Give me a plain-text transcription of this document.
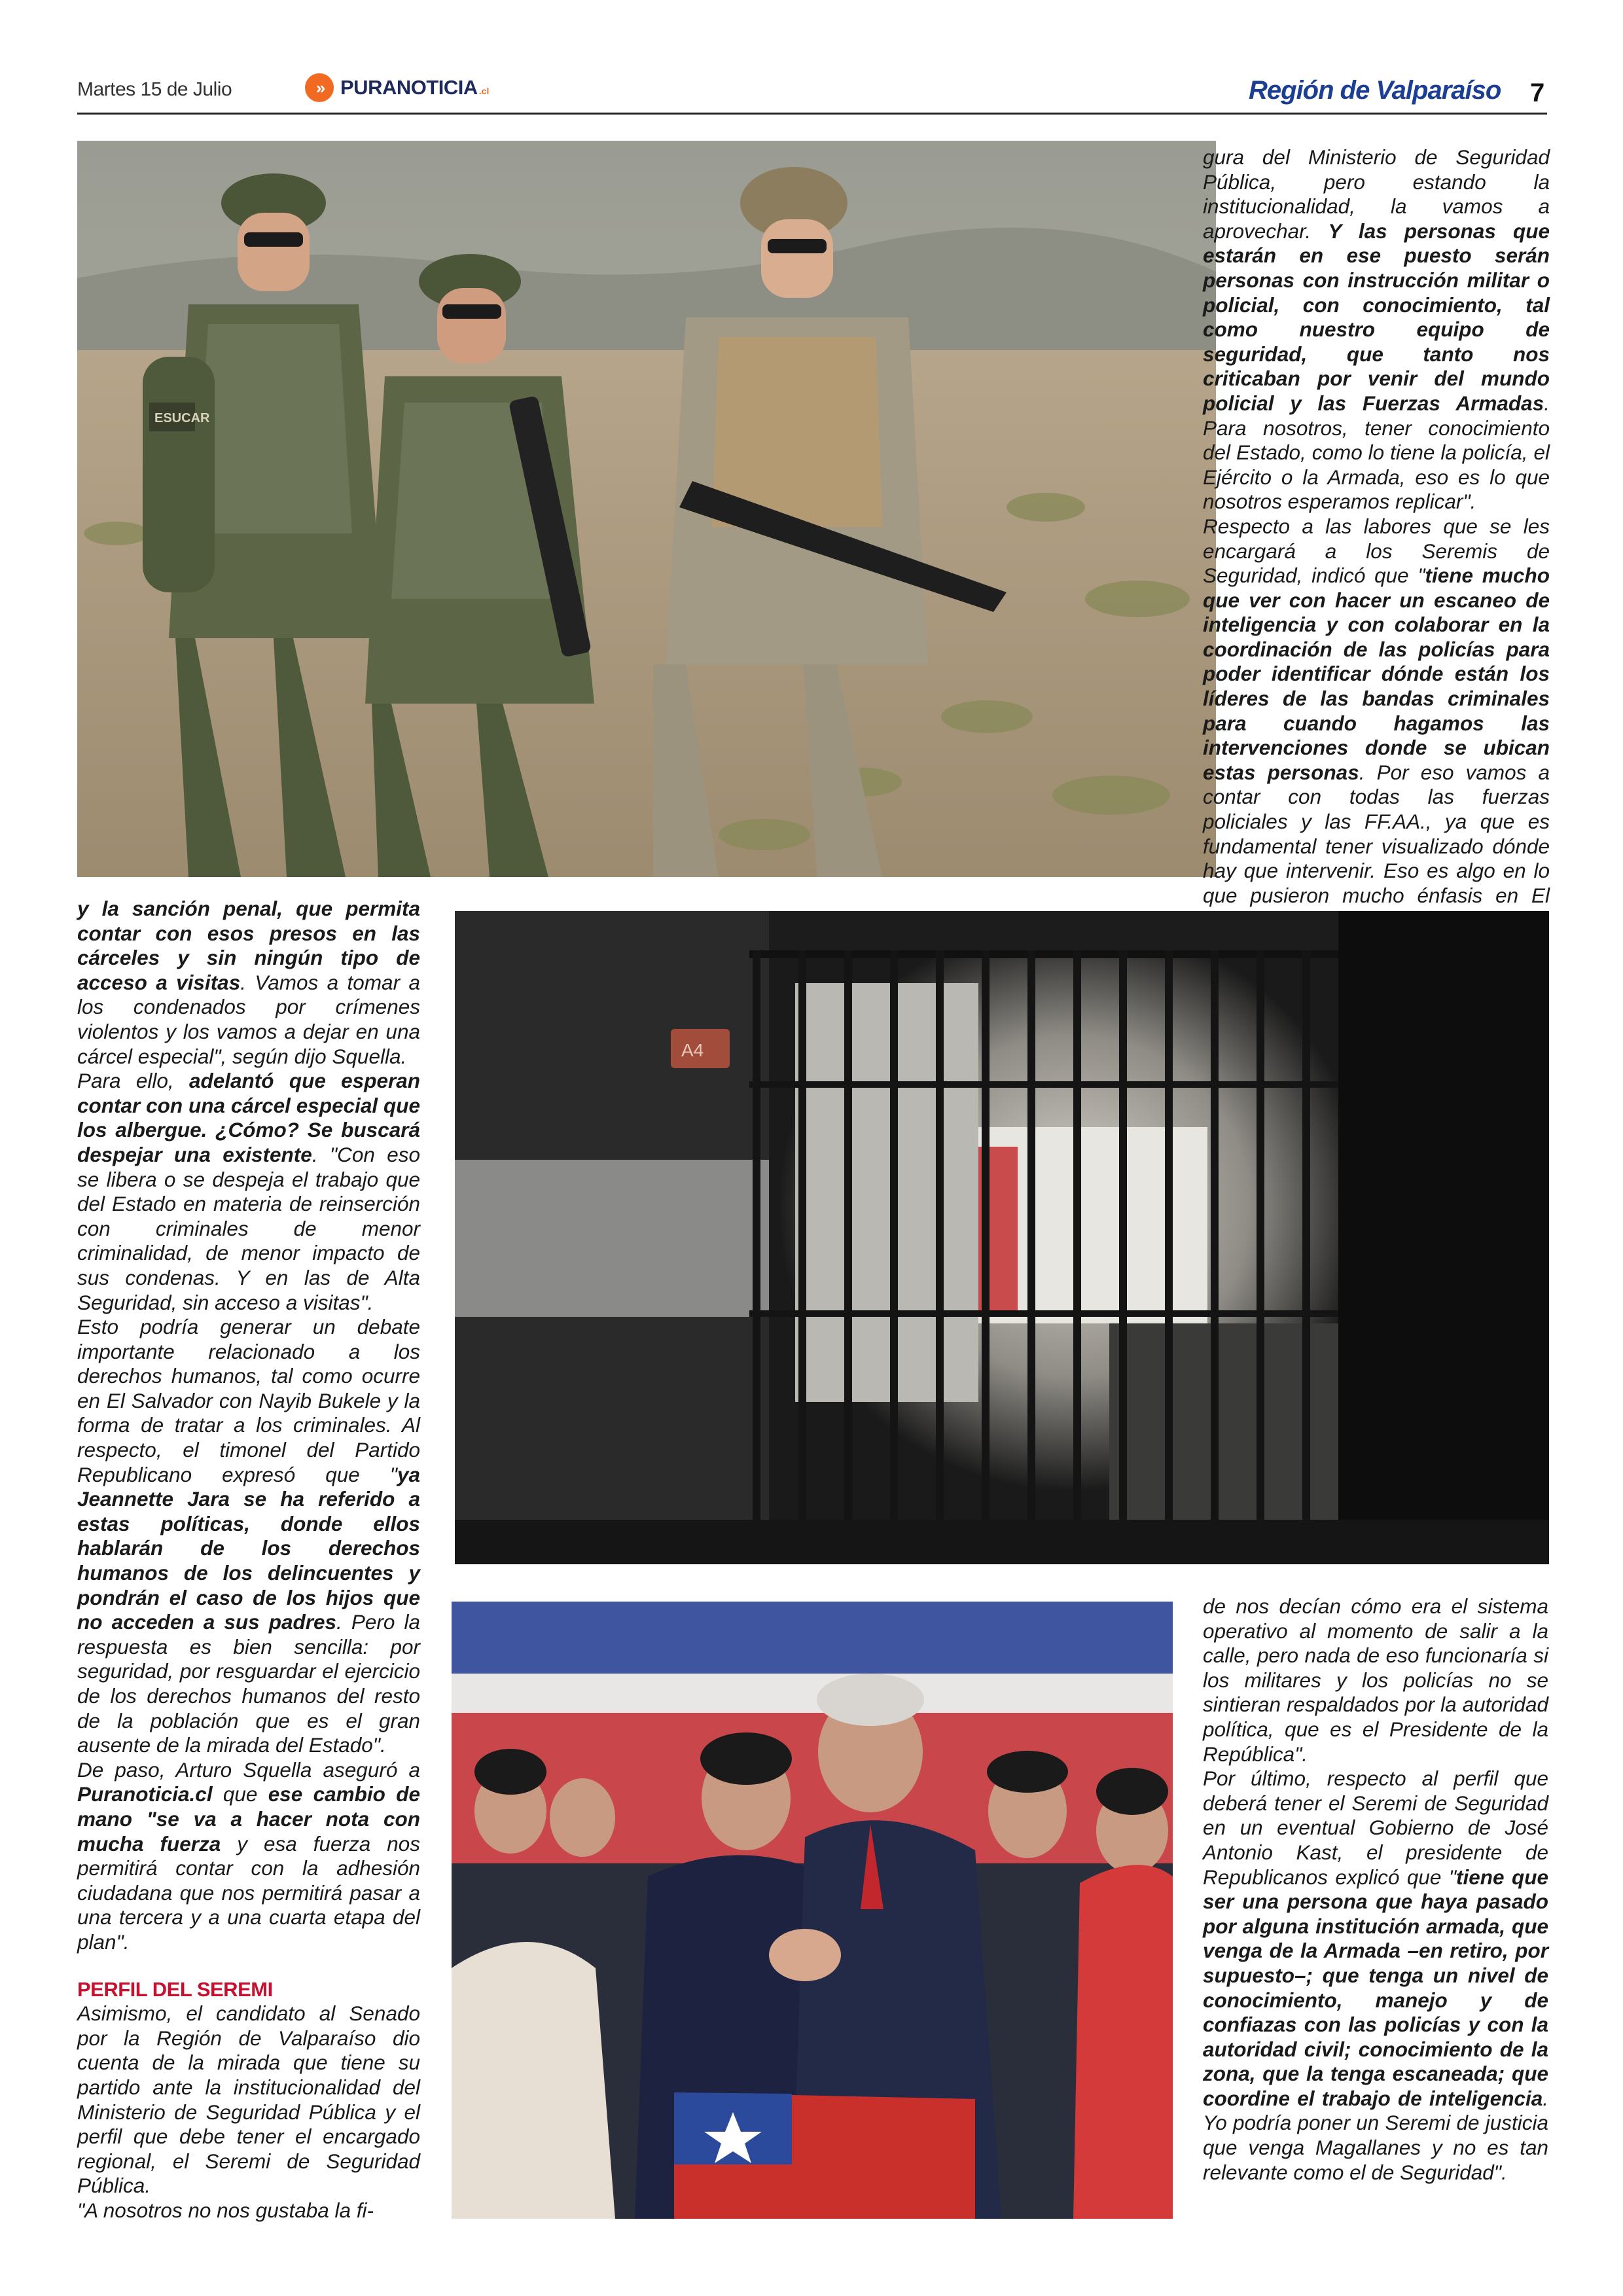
Martes 15 de Julio	» PURANOTICIA .cl	Región de Valparaíso 7
ESUCAR

gura del Ministerio de Seguridad Pública, pero estando la institucionalidad, la vamos a aprovechar. Y las personas que estarán en ese puesto serán personas con instrucción militar o policial, con conocimiento, tal como nuestro equipo de seguridad, que tanto nos criticaban por venir del mundo policial y las Fuerzas Armadas. Para nosotros, tener conocimiento del Estado, como lo tiene la policía, el Ejército o la Armada, eso es lo que nosotros esperamos replicar".

Respecto a las labores que se les encargará a los Seremis de Seguridad, indicó que "tiene mucho que ver con hacer un escaneo de inteligencia y con colaborar en la coordinación de las policías para poder identificar dónde están los líderes de las bandas criminales para cuando hagamos las intervenciones donde se ubican estas personas. Por eso vamos a contar con todas las fuerzas policiales y las FF.AA., ya que es fundamental tener visualizado dónde hay que intervenir. Eso es algo en lo que pusieron mucho énfasis en El

y la sanción penal, que permita contar con esos presos en las cárceles y sin ningún tipo de acceso a visitas. Vamos a tomar a los condenados por crímenes violentos y los vamos a dejar en una cárcel especial", según dijo Squella.

Para ello, adelantó que esperan contar con una cárcel especial que los albergue. ¿Cómo? Se buscará despejar una existente. "Con eso se libera o se despeja el trabajo que del Estado en materia de reinserción con criminales de menor criminalidad, de menor impacto de sus condenas. Y en las de Alta Seguridad, sin acceso a visitas".

Esto podría generar un debate importante relacionado a los derechos humanos, tal como ocurre en El Salvador con Nayib Bukele y la forma de tratar a los criminales. Al respecto, el timonel del Partido Republicano expresó que "ya Jeannette Jara se ha referido a estas políticas, donde ellos hablarán de los derechos humanos de los delincuentes y pondrán el caso de los hijos que no acceden a sus padres. Pero la respuesta es bien sencilla: por seguridad, por resguardar el ejercicio de los derechos humanos del resto de la población que es el gran ausente de la mirada del Estado".

De paso, Arturo Squella aseguró a Puranoticia.cl que ese cambio de mano "se va a hacer nota con mucha fuerza y esa fuerza nos permitirá contar con la adhesión ciudadana que nos permitirá pasar a una tercera y a una cuarta etapa del plan".

PERFIL DEL SEREMI

Asimismo, el candidato al Senado por la Región de Valparaíso dio cuenta de la mirada que tiene su partido ante la institucionalidad del Ministerio de Seguridad Pública y el perfil que debe tener el encargado regional, el Seremi de Seguridad Pública.

"A nosotros no nos gustaba la fi-

A4

de nos decían cómo era el sistema operativo al momento de salir a la calle, pero nada de eso funcionaría si los militares y los policías no se sintieran respaldados por la autoridad política, que es el Presidente de la República".

Por último, respecto al perfil que deberá tener el Seremi de Seguridad en un eventual Gobierno de José Antonio Kast, el presidente de Republicanos explicó que "tiene que ser una persona que haya pasado por alguna institución armada, que venga de la Armada –en retiro, por supuesto–; que tenga un nivel de conocimiento, manejo y de confiazas con las policías y con la autoridad civil; conocimiento de la zona, que la tenga escaneada; que coordine el trabajo de inteligencia. Yo podría poner un Seremi de justicia que venga Magallanes y no es tan relevante como el de Seguridad".
